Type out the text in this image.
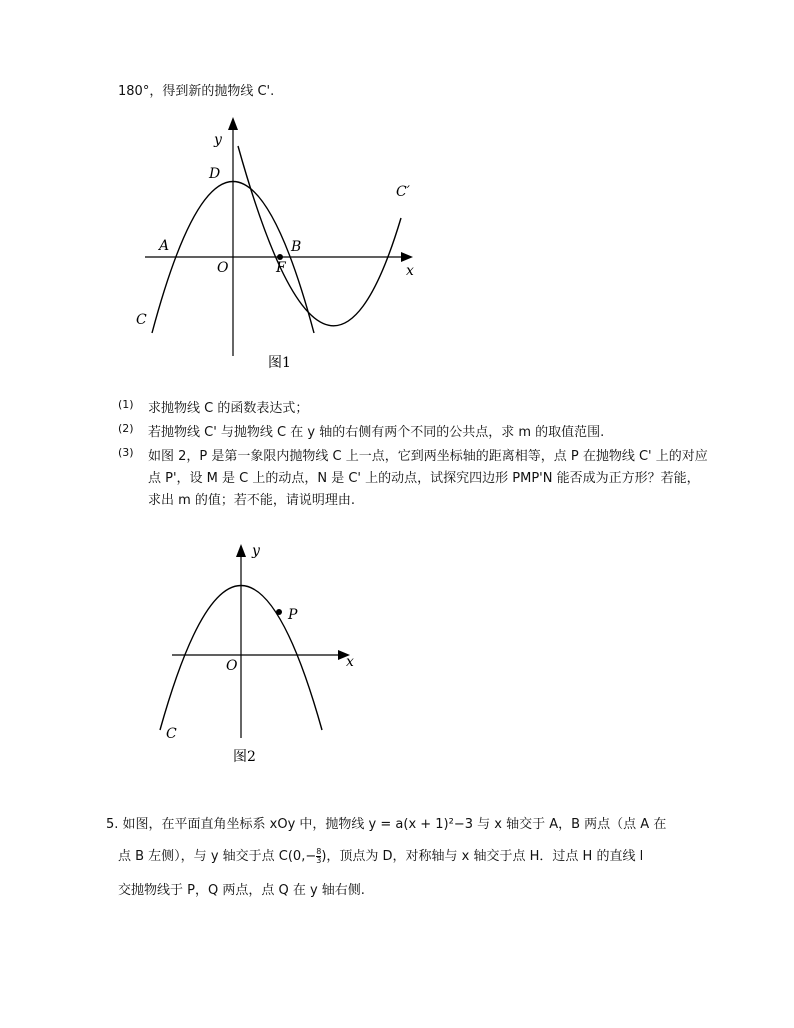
180°，得到新的抛物线 C'.
y
D
A	B
O	F	x
C
C′
图1
(1) 求抛物线 C 的函数表达式；
(2) 若抛物线 C' 与抛物线 C 在 y 轴的右侧有两个不同的公共点，求 m 的取值范围.
(3) 如图 2，P 是第一象限内抛物线 C 上一点，它到两坐标轴的距离相等，点 P 在抛物线 C' 上的对应点 P'，设 M 是 C 上的动点，N 是 C' 上的动点，试探究四边形 PMP'N 能否成为正方形？若能，求出 m 的值；若不能，请说明理由.
y
P
O	x
C
图2
5. 如图，在平面直角坐标系 xOy 中，抛物线 y = a(x + 1)²−3 与 x 轴交于 A，B 两点（点 A 在
点 B 左侧），与 y 轴交于点 $C(0,- \frac{8}{3}$ )，顶点为 D，对称轴与 x 轴交于点 H．过点 H 的直线 l
交抛物线于 P，Q 两点，点 Q 在 y 轴右侧.
